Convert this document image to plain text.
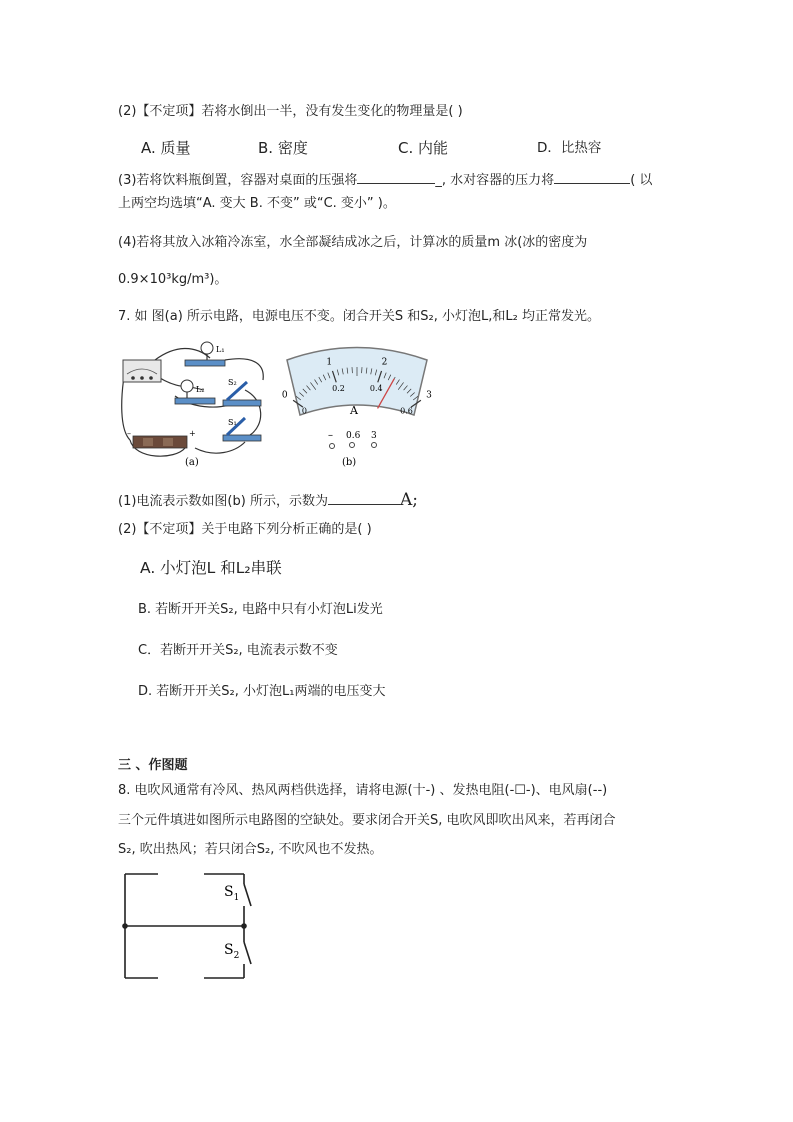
(2)【不定项】若将水倒出一半，没有发生变化的物理量是( )
A. 质量	B. 密度	C. 内能	D．比热容
(3)若将饮料瓶倒置，容器对桌面的压强将	_, 水对容器的压力将	( 以
上两空均选填“A. 变大 B. 不变” 或“C. 变小” )。
(4)若将其放入冰箱冷冻室，水全部凝结成冰之后，计算冰的质量m 冰(冰的密度为
0.9×10³kg/m³)。
7. 如 图(a) 所示电路，电源电压不变。闭合开关S 和S₂, 小灯泡L,和L₂ 均正常发光。
L₁
L₂
S₂
S₁
–	+
(a)
0
1	2
3
0
0.2	0.4
0.6
A
– 0.6 3
(b)
(1)电流表示数如图(b) 所示，示数为	A;
(2)【不定项】关于电路下列分析正确的是( )
A. 小灯泡L 和L₂串联
B. 若断开开关S₂, 电路中只有小灯泡Li发光
C．若断开开关S₂, 电流表示数不变
D. 若断开开关S₂, 小灯泡L₁两端的电压变大
三 、作图题
8. 电吹风通常有冷风、热风两档供选择，请将电源(十-) 、发热电阻(-☐-)、电风扇(--)
三个元件填进如图所示电路图的空缺处。要求闭合开关S, 电吹风即吹出风来，若再闭合
S₂, 吹出热风；若只闭合S₂, 不吹风也不发热。
$S_1$
$S_2$
